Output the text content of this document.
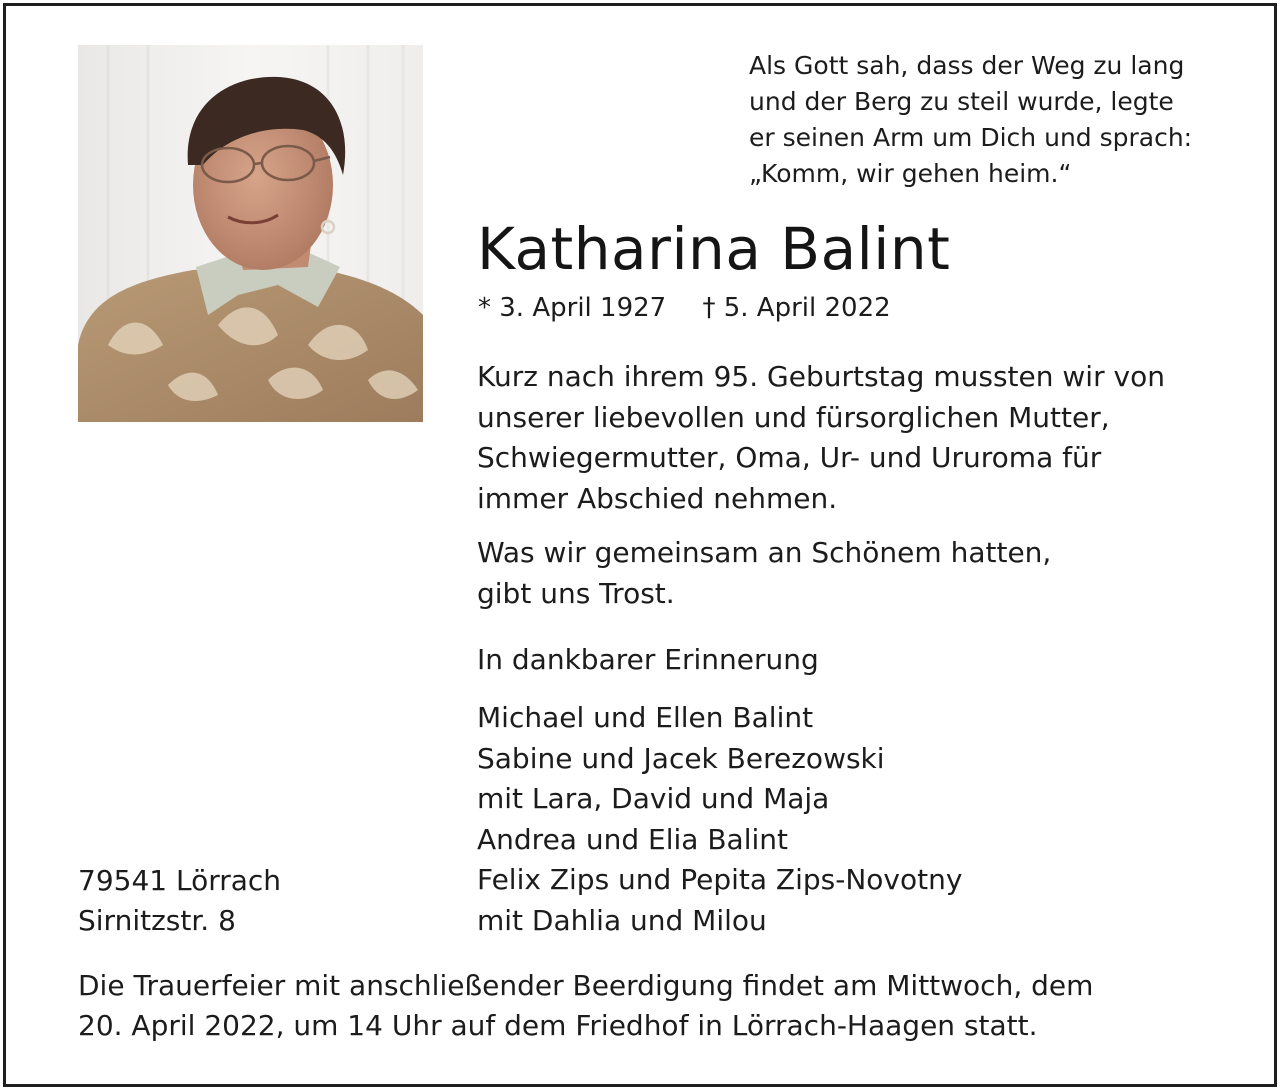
Als Gott sah, dass der Weg zu lang
und der Berg zu steil wurde, legte
er seinen Arm um Dich und sprach:
„Komm, wir gehen heim.“
Katharina Balint
* 3. April 1927 † 5. April 2022
Kurz nach ihrem 95. Geburtstag mussten wir von
unserer liebevollen und fürsorglichen Mutter,
Schwiegermutter, Oma, Ur- und Ururoma für
immer Abschied nehmen.
Was wir gemeinsam an Schönem hatten,
gibt uns Trost.
In dankbarer Erinnerung
Michael und Ellen Balint
Sabine und Jacek Berezowski
mit Lara, David und Maja
Andrea und Elia Balint
Felix Zips und Pepita Zips-Novotny
mit Dahlia und Milou
79541 Lörrach
Sirnitzstr. 8
Die Trauerfeier mit anschließender Beerdigung findet am Mittwoch, dem
20. April 2022, um 14 Uhr auf dem Friedhof in Lörrach-Haagen statt.
